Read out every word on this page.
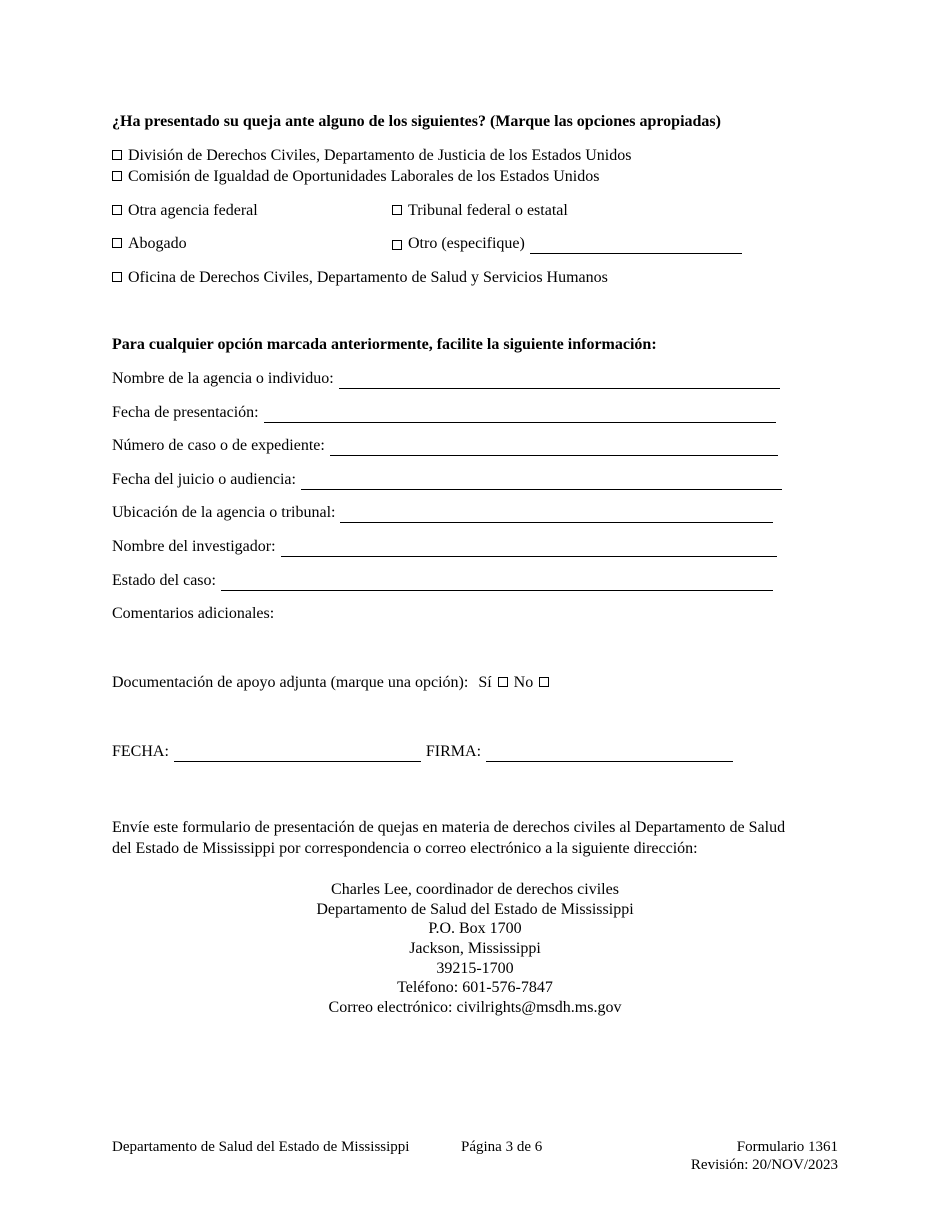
¿Ha presentado su queja ante alguno de los siguientes? (Marque las opciones apropiadas)
División de Derechos Civiles, Departamento de Justicia de los Estados Unidos
Comisión de Igualdad de Oportunidades Laborales de los Estados Unidos
Otra agencia federal	Tribunal federal o estatal
Abogado	Otro (especifique)
Oficina de Derechos Civiles, Departamento de Salud y Servicios Humanos
Para cualquier opción marcada anteriormente, facilite la siguiente información:
Nombre de la agencia o individuo:
Fecha de presentación:
Número de caso o de expediente:
Fecha del juicio o audiencia:
Ubicación de la agencia o tribunal:
Nombre del investigador:
Estado del caso:
Comentarios adicionales:
Documentación de apoyo adjunta (marque una opción): Sí No
FECHA:	FIRMA:
Envíe este formulario de presentación de quejas en materia de derechos civiles al Departamento de Salud
del Estado de Mississippi por correspondencia o correo electrónico a la siguiente dirección:
Charles Lee, coordinador de derechos civiles
Departamento de Salud del Estado de Mississippi
P.O. Box 1700
Jackson, Mississippi
39215-1700
Teléfono: 601-576-7847
Correo electrónico: civilrights@msdh.ms.gov
Departamento de Salud del Estado de Mississippi	Página 3 de 6	Formulario 1361
Revisión: 20/NOV/2023
